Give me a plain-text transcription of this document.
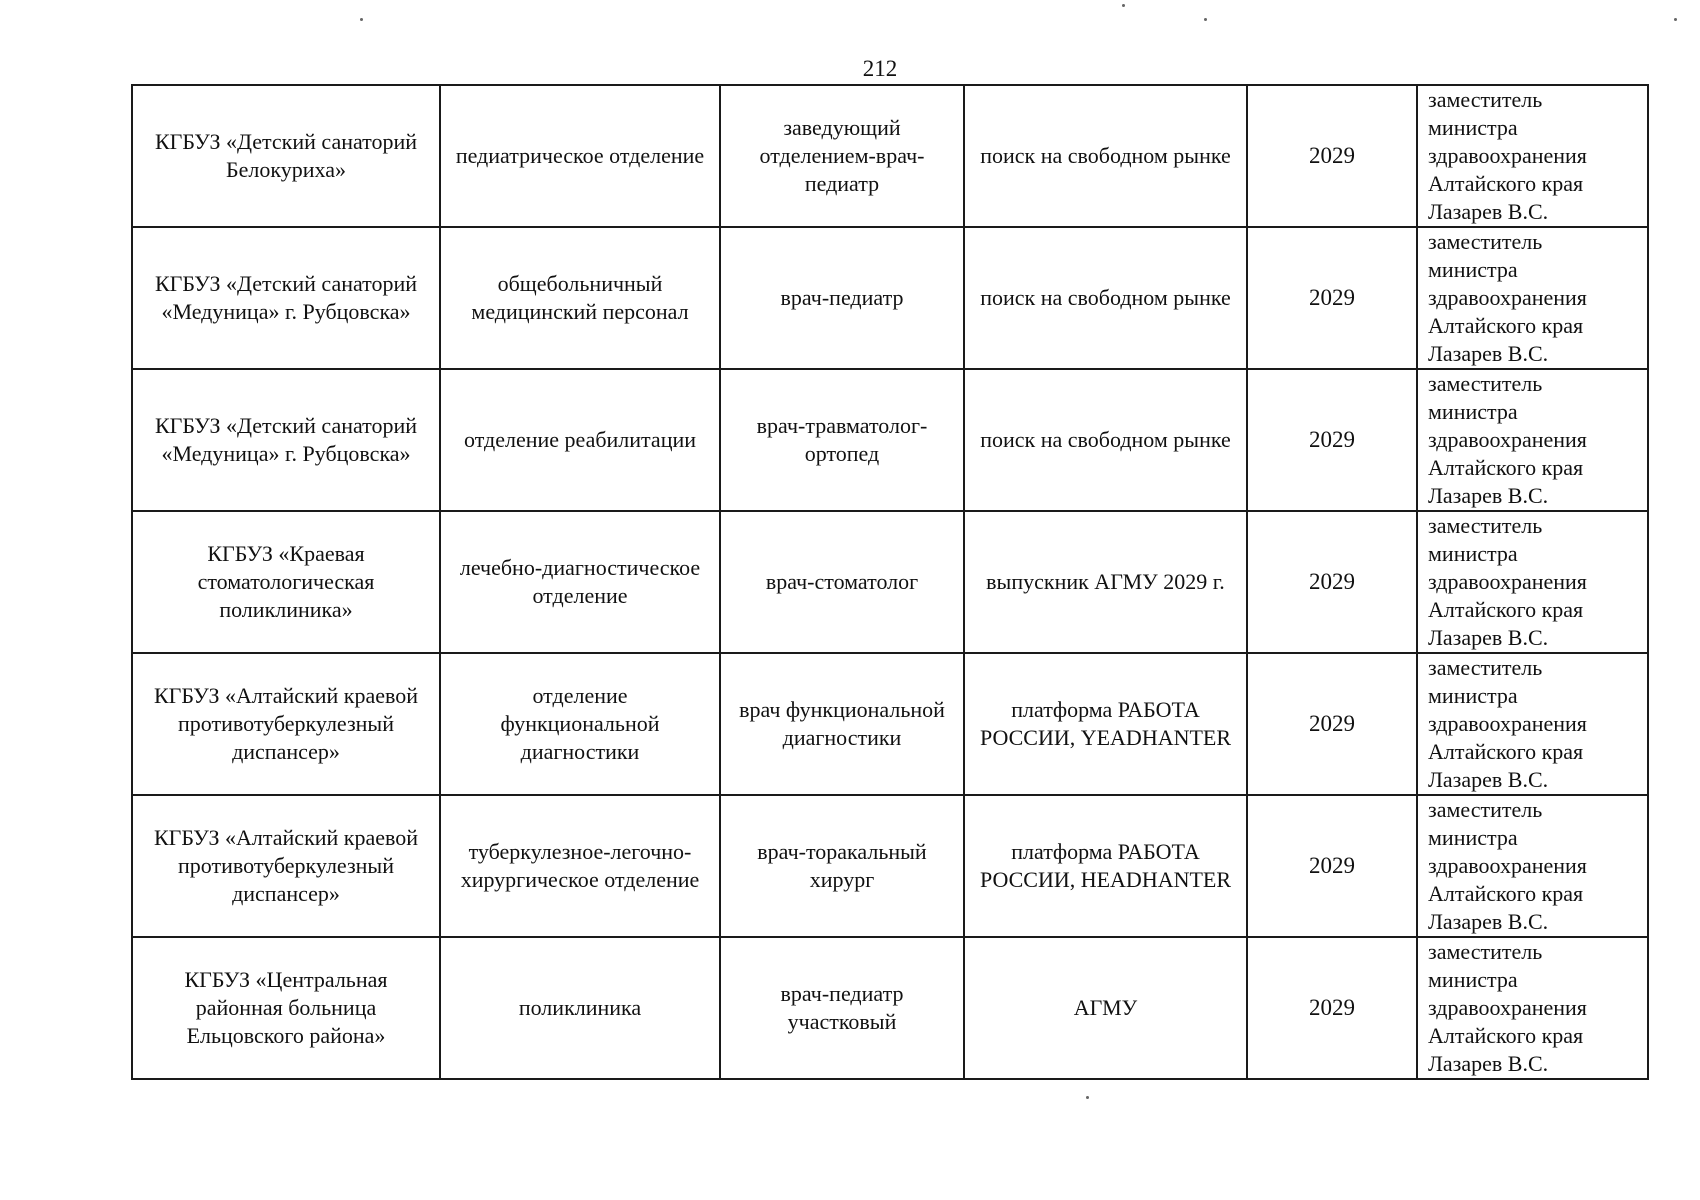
212
КГБУЗ «Детский санаторий Белокуриха»	педиатрическое отделение	заведующий отделением-врач-педиатр	поиск на свободном рынке	2029	заместитель
министра
здравоохранения
Алтайского края
Лазарев В.С.
КГБУЗ «Детский санаторий «Медуница» г. Рубцовска»	общебольничный медицинский персонал	врач-педиатр	поиск на свободном рынке	2029	заместитель
министра
здравоохранения
Алтайского края
Лазарев В.С.
КГБУЗ «Детский санаторий «Медуница» г. Рубцовска»	отделение реабилитации	врач-травматолог-ортопед	поиск на свободном рынке	2029	заместитель
министра
здравоохранения
Алтайского края
Лазарев В.С.
КГБУЗ «Краевая стоматологическая поликлиника»	лечебно-диагностическое отделение	врач-стоматолог	выпускник АГМУ 2029 г.	2029	заместитель
министра
здравоохранения
Алтайского края
Лазарев В.С.
КГБУЗ «Алтайский краевой противотуберкулезный диспансер»	отделение функциональной диагностики	врач функциональной диагностики	платформа РАБОТА РОССИИ, YEADHANTER	2029	заместитель
министра
здравоохранения
Алтайского края
Лазарев В.С.
КГБУЗ «Алтайский краевой противотуберкулезный диспансер»	туберкулезное-легочно-хирургическое отделение	врач-торакальный хирург	платформа РАБОТА РОССИИ, HEADHANTER	2029	заместитель
министра
здравоохранения
Алтайского края
Лазарев В.С.
КГБУЗ «Центральная районная больница Ельцовского района»	поликлиника	врач-педиатр участковый	АГМУ	2029	заместитель
министра
здравоохранения
Алтайского края
Лазарев В.С.
